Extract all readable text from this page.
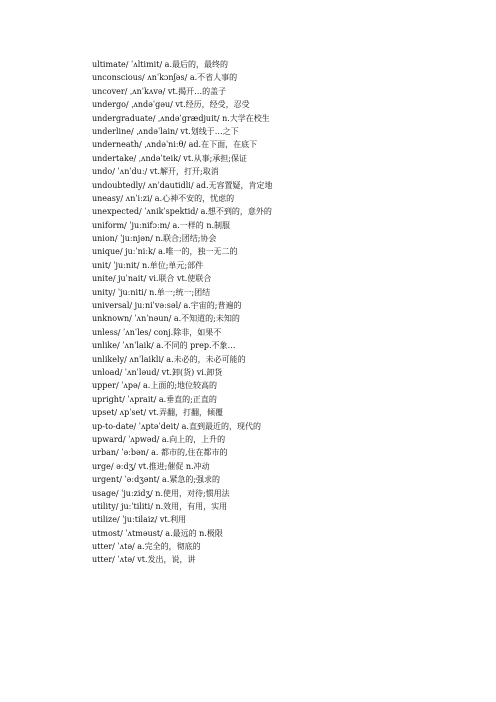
ultimate/ ˈʌltimit/ a.最后的，最终的
unconscious/ ʌnˈkɔnʃəs/ a.不省人事的
uncover/ ˌʌnˈkʌvə/ vt.揭开…的盖子
undergo/ ˌʌndəˈgəu/ vt.经历，经受，忍受
undergraduate/ ˌʌndəˈgrædjuit/ n.大学在校生
underline/ ˌʌndəˈlain/ vt.划线于…之下
underneath/ ˌʌndəˈniːθ/ ad.在下面，在底下
undertake/ ˌʌndəˈteik/ vt.从事;承担;保证
undo/ ˈʌnˈduː/ vt.解开，打开;取消
undoubtedly/ ʌnˈdautidli/ ad.无容置疑，肯定地
uneasy/ ʌnˈiːzi/ a.心神不安的，忧虑的
unexpected/ ˈʌnikˈspektid/ a.想不到的，意外的
uniform/ ˈjuːnifɔːm/ a.一样的 n.制服
union/ ˈjuːnjən/ n.联合;团结;协会
unique/ juːˈniːk/ a.唯一的，独一无二的
unit/ ˈjuːnit/ n.单位;单元;部件
unite/ juˈnait/ vi.联合 vt.使联合
unity/ ˈjuːniti/ n.单一;统一;团结
universal/ juːniˈvəːsəl/ a.宇宙的;普遍的
unknown/ ˈʌnˈnəun/ a.不知道的;未知的
unless/ ˈʌnˈles/ conj.除非，如果不
unlike/ ˈʌnˈlaik/ a.不同的 prep.不象…
unlikely/ ʌnˈlaikli/ a.未必的，未必可能的
unload/ ˈʌnˈləud/ vt.卸(货) vi.卸货
upper/ ˈʌpə/ a.上面的;地位较高的
upright/ ˈʌprait/ a.垂直的;正直的
upset/ ʌpˈset/ vt.弄翻，打翻，倾覆
up-to-date/ ˈʌptəˈdeit/ a.直到最近的，现代的
upward/ ˈʌpwəd/ a.向上的，上升的
urban/ ˈəːbən/ a. 都市的,住在都市的
urge/ əːdʒ/ vt.推进;催促 n.冲动
urgent/ ˈəːdʒənt/ a.紧急的;强求的
usage/ ˈjuːzidʒ/ n.使用，对待;惯用法
utility/ juːˈtiliti/ n.效用，有用，实用
utilize/ ˈjuːtilaiz/ vt.利用
utmost/ ˈʌtməust/ a.最远的 n.极限
utter/ ˈʌtə/ a.完全的，彻底的
utter/ ˈʌtə/ vt.发出，说，讲
